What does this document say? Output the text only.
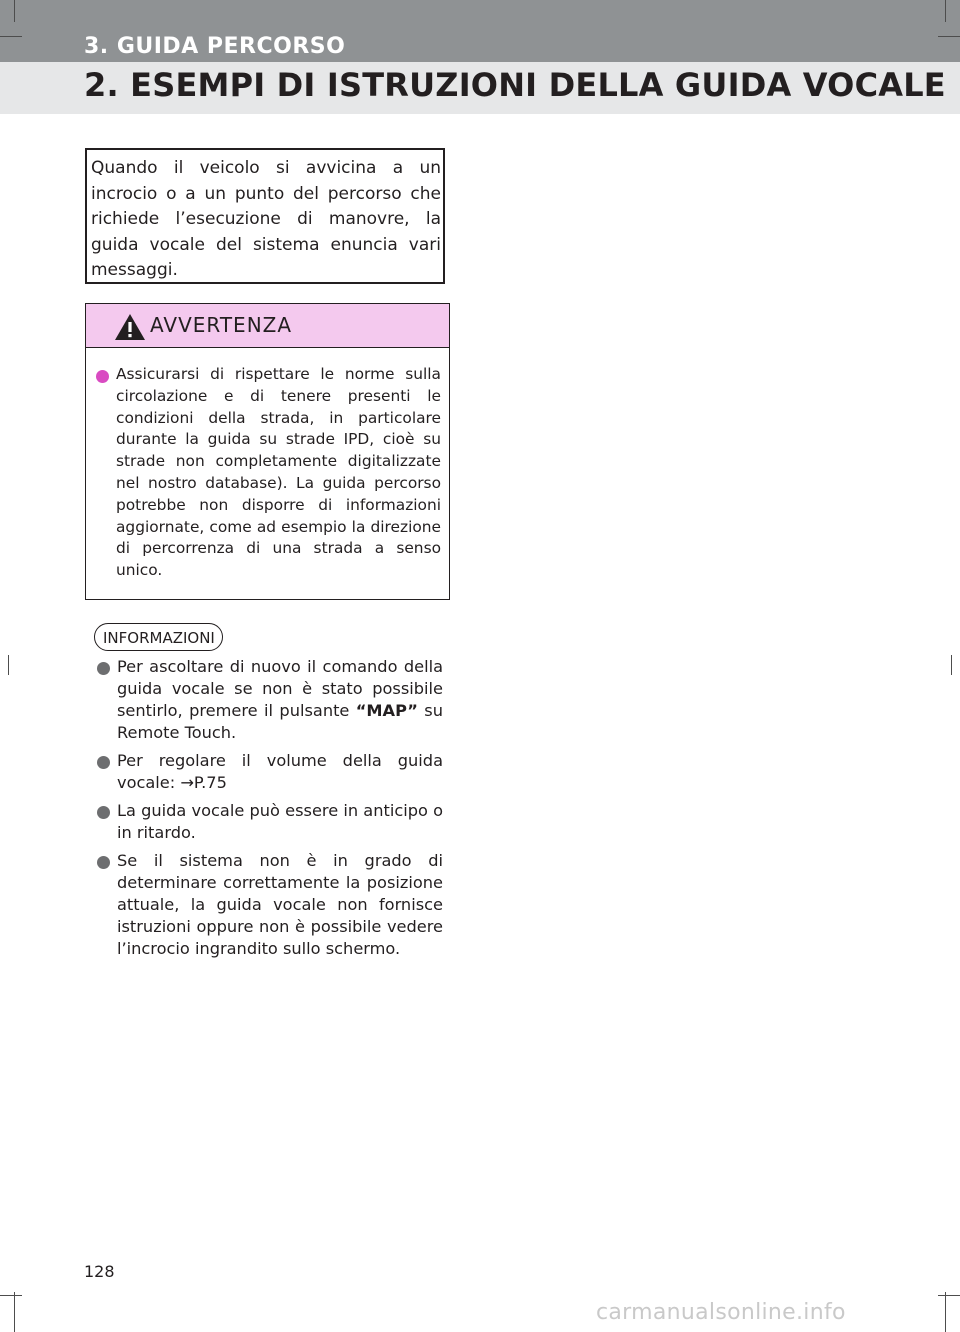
3. GUIDA PERCORSO
2. ESEMPI DI ISTRUZIONI DELLA GUIDA VOCALE

Quando il veicolo si avvicina a un incrocio o a un punto del percorso che richiede l’esecuzione di manovre, la guida vocale del sistema enuncia vari messaggi.

AVVERTENZA

Assicurarsi di rispettare le norme sulla circolazione e di tenere presenti le condizioni della strada, in particolare durante la guida su strade IPD, cioè su strade non completamente digitalizzate nel nostro database). La guida percorso potrebbe non disporre di informazioni aggiornate, come ad esempio la direzione di percorrenza di una strada a senso unico.

INFORMAZIONI

Per ascoltare di nuovo il comando della guida vocale se non è stato possibile sentirlo, premere il pulsante “MAP” su Remote Touch.

Per regolare il volume della guida vocale: →P.75

La guida vocale può essere in anticipo o in ritardo.

Se il sistema non è in grado di determinare correttamente la posizione attuale, la guida vocale non fornisce istruzioni oppure non è possibile vedere l’incrocio ingrandito sullo schermo.

128
carmanualsonline.info
